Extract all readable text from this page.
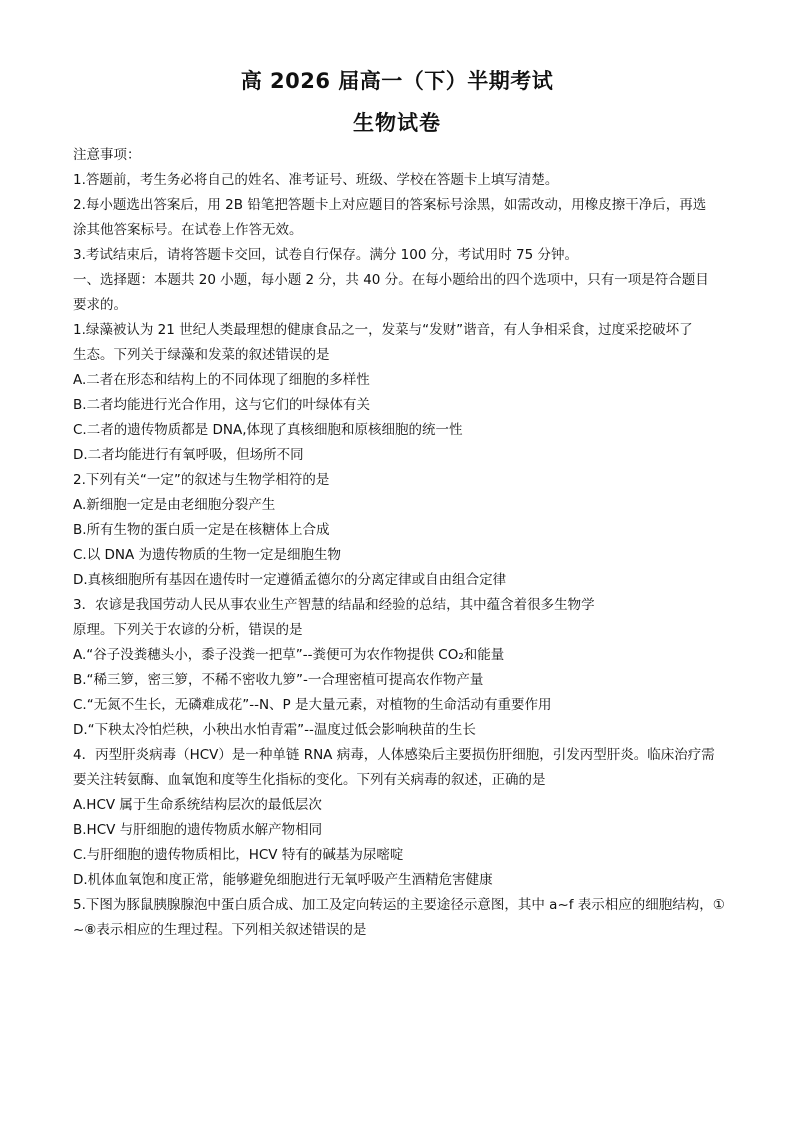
高 2026 届高一（下）半期考试
生物试卷
注意事项：
1.答题前，考生务必将自己的姓名、准考证号、班级、学校在答题卡上填写清楚。
2.每小题选出答案后，用 2B 铅笔把答题卡上对应题目的答案标号涂黑，如需改动，用橡皮擦干净后，再选
涂其他答案标号。在试卷上作答无效。
3.考试结束后，请将答题卡交回，试卷自行保存。满分 100 分，考试用时 75 分钟。
一、选择题：本题共 20 小题，每小题 2 分，共 40 分。在每小题给出的四个选项中，只有一项是符合题目
要求的。
1.绿藻被认为 21 世纪人类最理想的健康食品之一，发菜与“发财”谐音，有人争相采食，过度采挖破坏了
生态。下列关于绿藻和发菜的叙述错误的是
A.二者在形态和结构上的不同体现了细胞的多样性
B.二者均能进行光合作用，这与它们的叶绿体有关
C.二者的遗传物质都是 DNA,体现了真核细胞和原核细胞的统一性
D.二者均能进行有氧呼吸，但场所不同
2.下列有关“一定”的叙述与生物学相符的是
A.新细胞一定是由老细胞分裂产生
B.所有生物的蛋白质一定是在核糖体上合成
C.以 DNA 为遗传物质的生物一定是细胞生物
D.真核细胞所有基因在遗传时一定遵循孟德尔的分离定律或自由组合定律
3．农谚是我国劳动人民从事农业生产智慧的结晶和经验的总结，其中蕴含着很多生物学
原理。下列关于农谚的分析，错误的是
A.“谷子没粪穗头小，黍子没粪一把草”--粪便可为农作物提供 CO₂和能量
B.“稀三箩，密三箩，不稀不密收九箩”-一合理密植可提高农作物产量
C.“无氮不生长，无磷难成花”--N、P 是大量元素，对植物的生命活动有重要作用
D.“下秧太冷怕烂秧，小秧出水怕青霜”--温度过低会影响秧苗的生长
4．丙型肝炎病毒（HCV）是一种单链 RNA 病毒，人体感染后主要损伤肝细胞，引发丙型肝炎。临床治疗需
要关注转氨酶、血氧饱和度等生化指标的变化。下列有关病毒的叙述，正确的是
A.HCV 属于生命系统结构层次的最低层次
B.HCV 与肝细胞的遗传物质水解产物相同
C.与肝细胞的遗传物质相比，HCV 特有的碱基为尿嘧啶
D.机体血氧饱和度正常，能够避免细胞进行无氧呼吸产生酒精危害健康
5.下图为豚鼠胰腺腺泡中蛋白质合成、加工及定向转运的主要途径示意图，其中 a~f 表示相应的细胞结构，①
~⑧表示相应的生理过程。下列相关叙述错误的是
